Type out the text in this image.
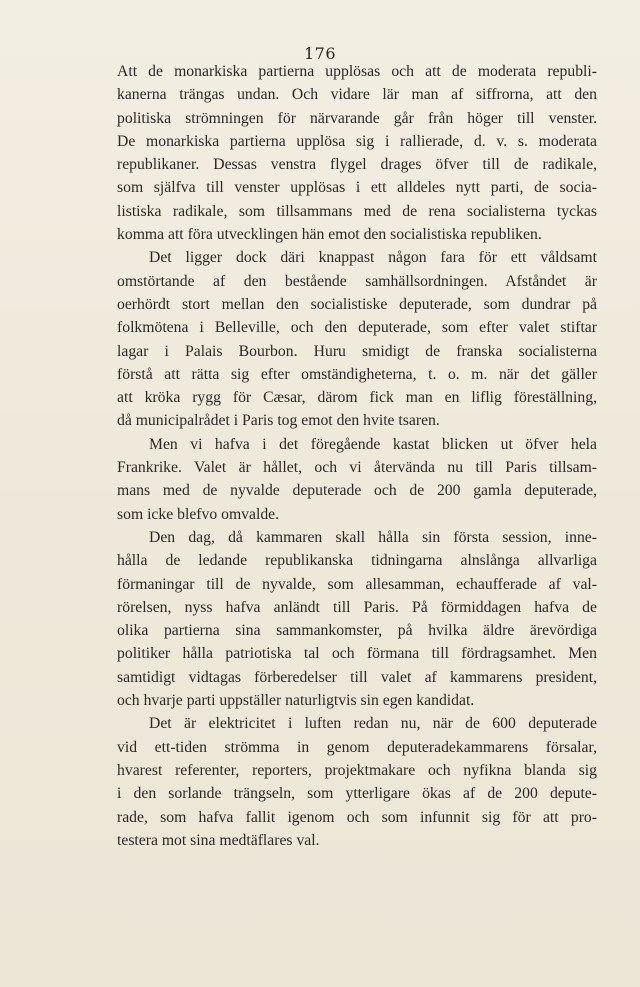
176
Att de monarkiska partierna upplösas och att de moderata republi-
kanerna trängas undan. Och vidare lär man af siffrorna, att den
politiska strömningen för närvarande går från höger till venster.
De monarkiska partierna upplösa sig i rallierade, d. v. s. moderata
republikaner. Dessas venstra flygel drages öfver till de radikale,
som själfva till venster upplösas i ett alldeles nytt parti, de socia-
listiska radikale, som tillsammans med de rena socialisterna tyckas
komma att föra utvecklingen hän emot den socialistiska republiken.
Det ligger dock däri knappast någon fara för ett våldsamt
omstörtande af den bestående samhällsordningen. Afståndet är
oerhördt stort mellan den socialistiske deputerade, som dundrar på
folkmötena i Belleville, och den deputerade, som efter valet stiftar
lagar i Palais Bourbon. Huru smidigt de franska socialisterna
förstå att rätta sig efter omständigheterna, t. o. m. när det gäller
att kröka rygg för Cæsar, därom fick man en liflig föreställning,
då municipalrådet i Paris tog emot den hvite tsaren.
Men vi hafva i det föregående kastat blicken ut öfver hela
Frankrike. Valet är hållet, och vi återvända nu till Paris tillsam-
mans med de nyvalde deputerade och de 200 gamla deputerade,
som icke blefvo omvalde.
Den dag, då kammaren skall hålla sin första session, inne-
hålla de ledande republikanska tidningarna alnslånga allvarliga
förmaningar till de nyvalde, som allesamman, echaufferade af val-
rörelsen, nyss hafva anländt till Paris. På förmiddagen hafva de
olika partierna sina sammankomster, på hvilka äldre ärevördiga
politiker hålla patriotiska tal och förmana till fördragsamhet. Men
samtidigt vidtagas förberedelser till valet af kammarens president,
och hvarje parti uppställer naturligtvis sin egen kandidat.
Det är elektricitet i luften redan nu, när de 600 deputerade
vid ett-tiden strömma in genom deputeradekammarens försalar,
hvarest referenter, reporters, projektmakare och nyfikna blanda sig
i den sorlande trängseln, som ytterligare ökas af de 200 depute-
rade, som hafva fallit igenom och som infunnit sig för att pro-
testera mot sina medtäflares val.
